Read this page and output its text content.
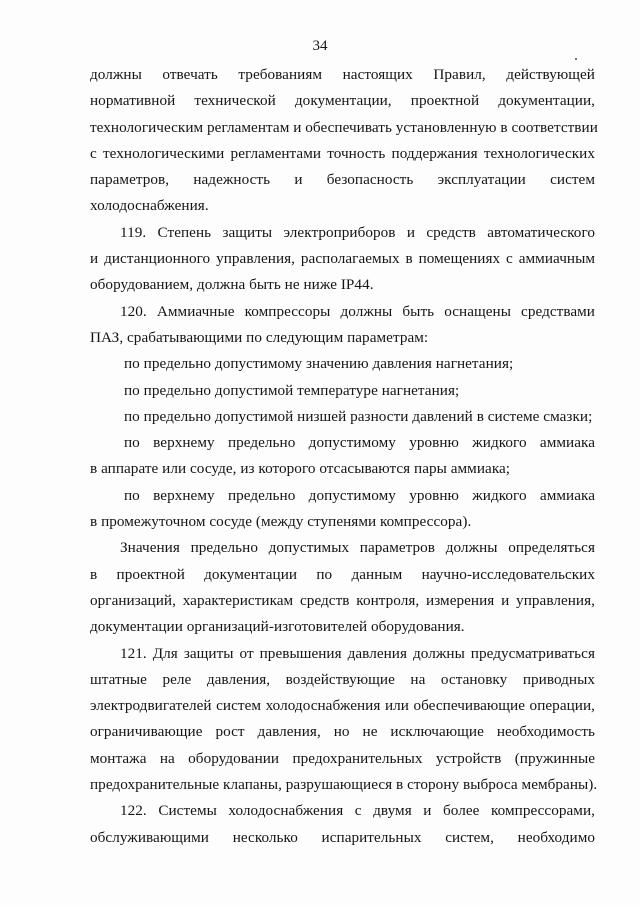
34
должны отвечать требованиям настоящих Правил, действующей
нормативной технической документации, проектной документации,
технологическим регламентам и обеспечивать установленную в соответствии
с технологическими регламентами точность поддержания технологических
параметров, надежность и безопасность эксплуатации систем
холодоснабжения.
119. Степень защиты электроприборов и средств автоматического
и дистанционного управления, располагаемых в помещениях с аммиачным
оборудованием, должна быть не ниже IP44.
120. Аммиачные компрессоры должны быть оснащены средствами
ПАЗ, срабатывающими по следующим параметрам:
по предельно допустимому значению давления нагнетания;
по предельно допустимой температуре нагнетания;
по предельно допустимой низшей разности давлений в системе смазки;
по верхнему предельно допустимому уровню жидкого аммиака
в аппарате или сосуде, из которого отсасываются пары аммиака;
по верхнему предельно допустимому уровню жидкого аммиака
в промежуточном сосуде (между ступенями компрессора).
Значения предельно допустимых параметров должны определяться
в проектной документации по данным научно-исследовательских
организаций, характеристикам средств контроля, измерения и управления,
документации организаций-изготовителей оборудования.
121. Для защиты от превышения давления должны предусматриваться
штатные реле давления, воздействующие на остановку приводных
электродвигателей систем холодоснабжения или обеспечивающие операции,
ограничивающие рост давления, но не исключающие необходимость
монтажа на оборудовании предохранительных устройств (пружинные
предохранительные клапаны, разрушающиеся в сторону выброса мембраны).
122. Системы холодоснабжения с двумя и более компрессорами,
обслуживающими несколько испарительных систем, необходимо
